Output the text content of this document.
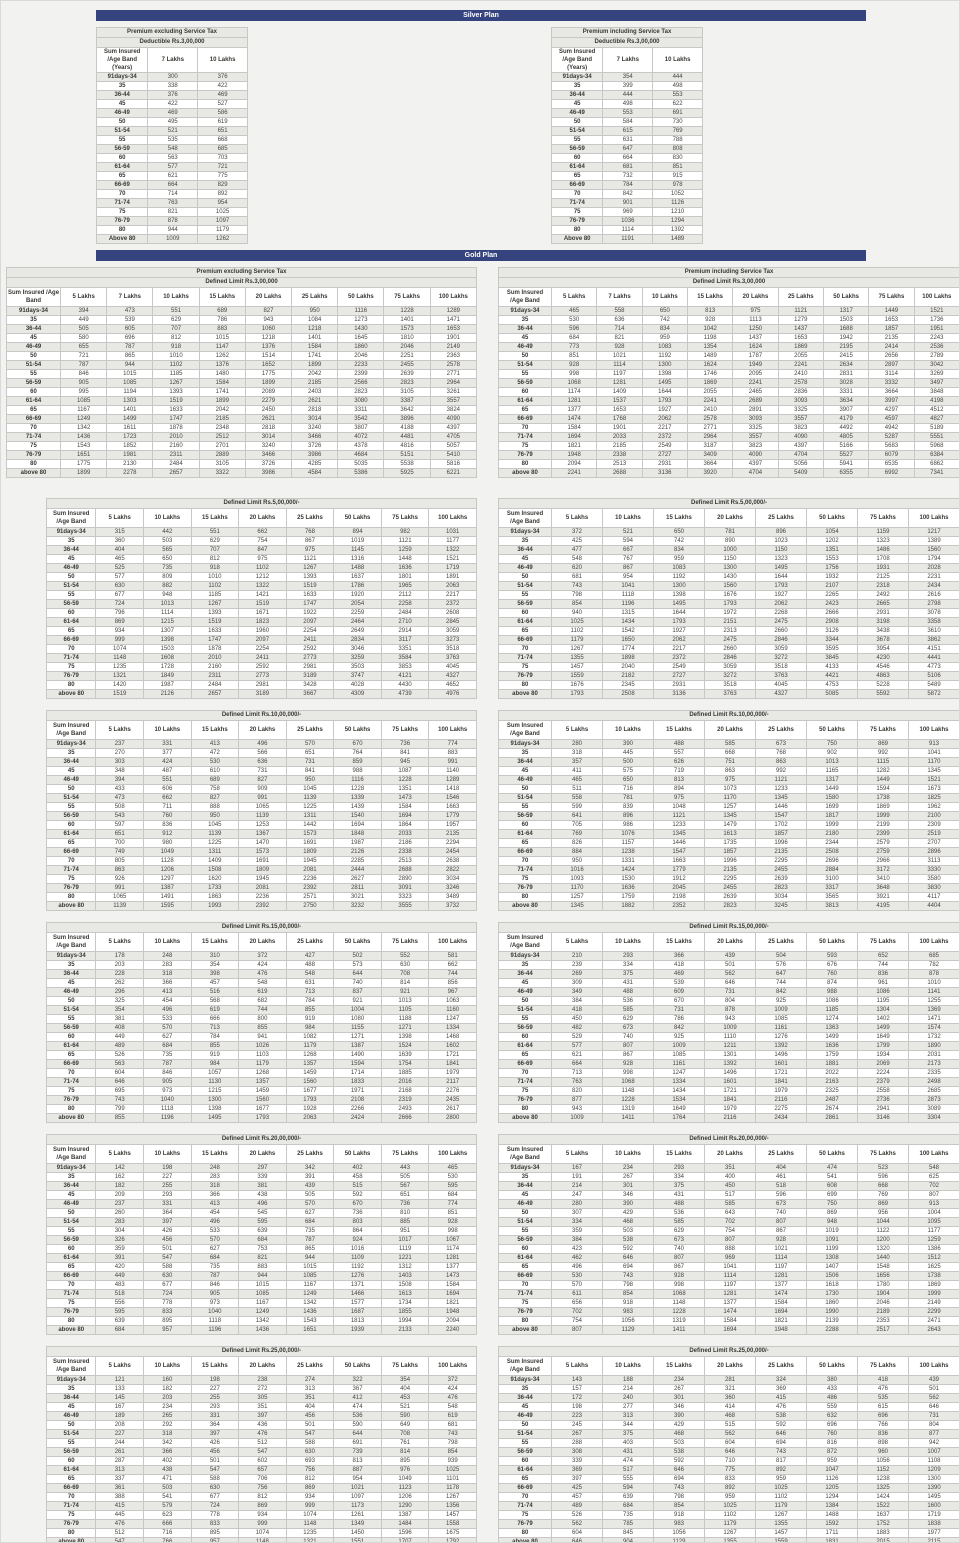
Silver Plan
Premium excluding Service Tax		
Deductible Rs.3,00,000		
Sum Insured /Age Band (Years)	7 Lakhs	10 Lakhs
91days-34	300	376
35	338	422
36-44	376	469
45	422	527
46-49	469	586
50	495	619
51-54	521	651
55	535	668
56-59	548	685
60	563	703
61-64	577	721
65	621	775
66-69	664	829
70	714	892
71-74	763	954
75	821	1025
76-79	878	1097
80	944	1179
Above 80	1009	1262
Premium including Service Tax		
Deductible Rs.3,00,000		
Sum Insured /Age Band (Years)	7 Lakhs	10 Lakhs
91days-34	354	444
35	399	498
36-44	444	553
45	498	622
46-49	553	691
50	584	730
51-54	615	769
55	631	788
56-59	647	808
60	664	830
61-64	681	851
65	732	915
66-69	784	978
70	842	1052
71-74	901	1126
75	969	1210
76-79	1036	1294
80	1114	1392
Above 80	1191	1489
Gold Plan
Premium excluding Service Tax									
Defined Limit Rs.3,00,000									
Sum Insured /Age Band	5 Lakhs	7 Lakhs	10 Lakhs	15 Lakhs	20 Lakhs	25 Lakhs	50 Lakhs	75 Lakhs	100 Lakhs
91days-34	394	473	551	689	827	950	1116	1228	1289
35	449	539	629	786	943	1084	1273	1401	1471
36-44	505	605	707	883	1060	1218	1430	1573	1653
45	580	696	812	1015	1218	1401	1645	1810	1901
46-49	655	787	918	1147	1376	1584	1860	2046	2149
50	721	865	1010	1262	1514	1741	2046	2251	2363
51-54	787	944	1102	1376	1652	1899	2233	2455	2578
55	846	1015	1185	1480	1775	2042	2399	2639	2771
56-59	905	1085	1267	1584	1899	2185	2566	2823	2964
60	995	1194	1393	1741	2089	2403	2823	3105	3261
61-64	1085	1303	1519	1899	2279	2621	3080	3387	3557
65	1167	1401	1633	2042	2450	2818	3311	3642	3824
66-69	1249	1499	1747	2185	2621	3014	3542	3896	4090
70	1342	1611	1878	2348	2818	3240	3807	4188	4397
71-74	1436	1723	2010	2512	3014	3466	4072	4481	4705
75	1543	1852	2160	2701	3240	3726	4378	4816	5057
76-79	1651	1981	2311	2889	3466	3986	4684	5151	5410
80	1775	2130	2484	3105	3726	4285	5035	5538	5816
above 80	1899	2278	2657	3322	3986	4584	5386	5925	6221
Premium including Service Tax									
Defined Limit Rs.3,00,000									
Sum Insured /Age Band	5 Lakhs	7 Lakhs	10 Lakhs	15 Lakhs	20 Lakhs	25 Lakhs	50 Lakhs	75 Lakhs	100 Lakhs
91days-34	465	558	650	813	975	1121	1317	1449	1521
35	530	636	742	928	1113	1279	1503	1653	1736
36-44	596	714	834	1042	1250	1437	1688	1857	1951
45	684	821	959	1198	1437	1653	1942	2135	2243
46-49	773	928	1083	1354	1624	1869	2195	2414	2536
50	851	1021	1192	1489	1787	2055	2415	2656	2789
51-54	928	1114	1300	1624	1949	2241	2634	2897	3042
55	998	1197	1398	1746	2095	2410	2831	3114	3269
56-59	1068	1281	1495	1869	2241	2578	3028	3332	3497
60	1174	1409	1644	2055	2465	2836	3331	3664	3848
61-64	1281	1537	1793	2241	2689	3093	3634	3997	4198
65	1377	1653	1927	2410	2891	3325	3907	4297	4512
66-69	1474	1768	2062	2578	3093	3557	4179	4597	4827
70	1584	1901	2217	2771	3325	3823	4492	4942	5189
71-74	1694	2033	2372	2964	3557	4090	4805	5287	5551
75	1821	2185	2549	3187	3823	4397	5166	5683	5968
76-79	1948	2338	2727	3409	4090	4704	5527	6079	6384
80	2094	2513	2931	3664	4397	5056	5941	6535	6862
above 80	2241	2688	3136	3920	4704	5409	6355	6992	7341
Defined Limit Rs.5,00,000/-								
Sum Insured /Age Band	5 Lakhs	10 Lakhs	15 Lakhs	20 Lakhs	25 Lakhs	50 Lakhs	75 Lakhs	100 Lakhs
91days-34	315	442	551	662	768	894	982	1031
35	360	503	629	754	867	1019	1121	1177
36-44	404	565	707	847	975	1145	1259	1322
45	465	650	812	975	1121	1316	1448	1521
46-49	525	735	918	1102	1267	1488	1636	1719
50	577	809	1010	1212	1393	1637	1801	1891
51-54	630	882	1102	1322	1519	1786	1965	2063
55	677	948	1185	1421	1633	1920	2112	2217
56-59	724	1013	1267	1519	1747	2054	2258	2372
60	796	1114	1393	1671	1922	2259	2484	2608
61-64	869	1215	1519	1823	2097	2464	2710	2845
65	934	1307	1633	1960	2254	2649	2914	3059
66-69	999	1398	1747	2097	2411	2834	3117	3273
70	1074	1503	1878	2254	2592	3046	3351	3518
71-74	1148	1608	2010	2411	2773	3259	3584	3763
75	1235	1728	2160	2592	2981	3503	3853	4045
76-79	1321	1849	2311	2773	3189	3747	4121	4327
80	1420	1987	2484	2981	3428	4028	4430	4652
above 80	1519	2126	2657	3189	3667	4309	4739	4976
Defined Limit Rs.5,00,000/-								
Sum Insured /Age Band	5 Lakhs	10 Lakhs	15 Lakhs	20 Lakhs	25 Lakhs	50 Lakhs	75 Lakhs	100 Lakhs
91days-34	372	521	650	781	896	1054	1159	1217
35	425	594	742	890	1023	1202	1323	1389
36-44	477	667	834	1000	1150	1351	1486	1560
45	548	767	959	1150	1323	1553	1708	1794
46-49	620	867	1083	1300	1495	1756	1931	2028
50	681	954	1192	1430	1644	1932	2125	2231
51-54	743	1041	1300	1560	1793	2107	2318	2434
55	798	1118	1398	1676	1927	2265	2492	2616
56-59	854	1196	1495	1793	2062	2423	2665	2798
60	940	1315	1644	1972	2268	2666	2931	3078
61-64	1025	1434	1793	2151	2475	2908	3198	3358
65	1102	1542	1927	2313	2660	3126	3438	3610
66-69	1179	1650	2062	2475	2846	3344	3678	3862
70	1267	1774	2217	2660	3059	3595	3954	4151
71-74	1355	1898	2372	2846	3272	3845	4230	4441
75	1457	2040	2549	3059	3518	4133	4546	4773
76-79	1559	2182	2727	3272	3763	4421	4863	5106
80	1676	2345	2931	3518	4045	4753	5228	5489
above 80	1793	2508	3136	3763	4327	5085	5592	5872
Defined Limit Rs.10,00,000/-								
Sum Insured /Age Band	5 Lakhs	10 Lakhs	15 Lakhs	20 Lakhs	25 Lakhs	50 Lakhs	75 Lakhs	100 Lakhs
91days-34	237	331	413	496	570	670	736	774
35	270	377	472	566	651	764	841	883
36-44	303	424	530	636	731	859	945	991
45	348	487	610	731	841	988	1087	1140
46-49	394	551	689	827	950	1116	1228	1289
50	433	606	758	909	1045	1228	1351	1418
51-54	473	662	827	991	1139	1339	1473	1546
55	508	711	888	1065	1225	1439	1584	1663
56-59	543	760	950	1139	1311	1540	1694	1779
60	597	836	1045	1253	1442	1694	1864	1957
61-64	651	912	1139	1367	1573	1848	2033	2135
65	700	980	1225	1470	1691	1987	2186	2294
66-69	749	1049	1311	1573	1809	2126	2338	2454
70	805	1128	1409	1691	1945	2285	2513	2638
71-74	863	1206	1508	1809	2081	2444	2688	2822
75	926	1297	1620	1945	2236	2627	2890	3034
76-79	991	1387	1733	2081	2392	2811	3091	3246
80	1065	1491	1863	2236	2571	3021	3323	3489
above 80	1139	1595	1993	2392	2750	3232	3555	3732
Defined Limit Rs.10,00,000/-								
Sum Insured /Age Band	5 Lakhs	10 Lakhs	15 Lakhs	20 Lakhs	25 Lakhs	50 Lakhs	75 Lakhs	100 Lakhs
91days-34	280	390	488	585	673	750	869	913
35	318	445	557	668	768	902	992	1041
36-44	357	500	626	751	863	1013	1115	1170
45	411	575	719	863	992	1165	1282	1345
46-49	465	650	813	975	1121	1317	1449	1521
50	511	716	894	1073	1233	1449	1594	1673
51-54	558	781	975	1170	1345	1580	1738	1825
55	599	839	1048	1257	1446	1699	1869	1962
56-59	641	896	1121	1345	1547	1817	1999	2100
60	705	986	1233	1479	1702	1999	2199	2309
61-64	769	1076	1345	1613	1857	2180	2399	2519
65	826	1157	1446	1735	1996	2344	2579	2707
66-69	884	1238	1547	1857	2135	2508	2759	2896
70	950	1331	1663	1996	2295	2696	2966	3113
71-74	1016	1424	1779	2135	2455	2884	3172	3330
75	1093	1530	1912	2295	2639	3100	3410	3580
76-79	1170	1636	2045	2455	2823	3317	3648	3830
80	1257	1759	2198	2639	3034	3565	3921	4117
above 80	1345	1882	2352	2823	3245	3813	4195	4404
Defined Limit Rs.15,00,000/-								
Sum Insured /Age Band	5 Lakhs	10 Lakhs	15 Lakhs	20 Lakhs	25 Lakhs	50 Lakhs	75 Lakhs	100 Lakhs
91days-34	178	248	310	372	427	502	552	581
35	203	283	354	424	488	573	630	662
36-44	228	318	398	476	548	644	708	744
45	262	366	457	548	631	740	814	856
46-49	296	413	516	619	713	837	921	967
50	325	454	568	682	784	921	1013	1063
51-54	354	496	619	744	855	1004	1105	1160
55	381	533	666	800	919	1080	1188	1247
56-59	408	570	713	855	984	1155	1271	1334
60	449	627	784	941	1082	1271	1398	1468
61-64	489	684	855	1026	1179	1387	1524	1602
65	526	735	919	1103	1268	1490	1639	1721
66-69	563	787	984	1179	1357	1594	1754	1841
70	604	846	1057	1268	1459	1714	1885	1979
71-74	646	905	1130	1357	1560	1833	2016	2117
75	695	973	1215	1459	1677	1971	2168	2276
76-79	743	1040	1300	1560	1793	2108	2319	2435
80	799	1118	1398	1677	1928	2266	2493	2617
above 80	855	1196	1495	1793	2063	2424	2666	2800
Defined Limit Rs.15,00,000/-								
Sum Insured /Age Band	5 Lakhs	10 Lakhs	15 Lakhs	20 Lakhs	25 Lakhs	50 Lakhs	75 Lakhs	100 Lakhs
91days-34	210	293	366	439	504	593	652	685
35	239	334	418	501	576	676	744	782
36-44	269	375	469	562	647	760	836	878
45	309	431	539	646	744	874	961	1010
46-49	349	488	609	731	842	988	1086	1141
50	384	536	670	804	925	1086	1195	1255
51-54	418	585	731	878	1009	1185	1304	1369
55	450	629	786	943	1085	1274	1402	1471
56-59	482	673	842	1009	1161	1363	1499	1574
60	529	740	925	1110	1276	1499	1649	1732
61-64	577	807	1009	1211	1392	1636	1799	1890
65	621	867	1085	1301	1496	1759	1934	2031
66-69	664	928	1161	1392	1601	1881	2069	2173
70	713	998	1247	1496	1721	2022	2224	2335
71-74	763	1068	1334	1601	1841	2163	2379	2498
75	820	1148	1434	1721	1979	2325	2558	2685
76-79	877	1228	1534	1841	2116	2487	2736	2873
80	943	1319	1649	1979	2275	2674	2941	3089
above 80	1009	1411	1764	2116	2434	2861	3146	3304
Defined Limit Rs.20,00,000/-								
Sum Insured /Age Band	5 Lakhs	10 Lakhs	15 Lakhs	20 Lakhs	25 Lakhs	50 Lakhs	75 Lakhs	100 Lakhs
91days-34	142	198	248	297	342	402	443	465
35	162	227	283	339	391	458	505	530
36-44	182	255	318	381	439	515	567	595
45	209	293	366	438	505	592	651	684
46-49	237	331	413	496	570	670	736	774
50	260	364	454	545	627	736	810	851
51-54	283	397	496	595	684	803	885	928
55	304	426	533	639	735	864	951	998
56-59	326	456	570	684	787	924	1017	1067
60	359	501	627	753	865	1016	1119	1174
61-64	391	547	684	821	944	1109	1221	1281
65	420	588	735	883	1015	1192	1312	1377
66-69	449	630	787	944	1085	1276	1403	1473
70	483	677	846	1015	1167	1371	1508	1584
71-74	518	724	905	1085	1249	1466	1613	1694
75	556	778	973	1167	1342	1577	1734	1821
76-79	595	833	1040	1249	1436	1687	1855	1948
80	639	895	1118	1342	1543	1813	1994	2094
above 80	684	957	1196	1436	1651	1939	2133	2240
Defined Limit Rs.20,00,000/-								
Sum Insured /Age Band	5 Lakhs	10 Lakhs	15 Lakhs	20 Lakhs	25 Lakhs	50 Lakhs	75 Lakhs	100 Lakhs
91days-34	167	234	293	351	404	474	523	548
35	191	267	334	400	461	541	596	625
36-44	214	301	375	450	518	608	668	702
45	247	346	431	517	596	699	769	807
46-49	280	390	488	585	673	750	869	913
50	307	429	536	643	740	869	956	1004
51-54	334	468	585	702	807	948	1044	1095
55	359	503	629	754	867	1019	1122	1177
56-59	384	538	673	807	928	1091	1200	1259
60	423	592	740	888	1021	1199	1320	1386
61-64	462	646	807	969	1114	1308	1440	1512
65	496	694	867	1041	1197	1407	1548	1625
66-69	530	743	928	1114	1281	1506	1656	1738
70	570	798	998	1197	1377	1618	1780	1869
71-74	611	854	1068	1281	1474	1730	1904	1999
75	656	918	1148	1377	1584	1860	2046	2149
76-79	702	983	1228	1474	1694	1990	2189	2299
80	754	1056	1319	1584	1821	2139	2353	2471
above 80	807	1129	1411	1694	1948	2288	2517	2643
Defined Limit Rs.25,00,000/-								
Sum Insured /Age Band	5 Lakhs	10 Lakhs	15 Lakhs	20 Lakhs	25 Lakhs	50 Lakhs	75 Lakhs	100 Lakhs
91days-34	121	160	198	238	274	322	354	372
35	133	182	227	272	313	367	404	424
36-44	145	203	255	305	351	412	453	476
45	167	234	293	351	404	474	521	548
46-49	189	265	331	397	456	536	590	619
50	208	292	364	436	501	590	649	681
51-54	227	318	397	476	547	644	708	743
55	244	342	426	512	588	691	761	798
56-59	261	366	456	547	630	739	814	854
60	287	402	501	602	693	813	895	939
61-64	313	438	547	657	756	887	976	1025
65	337	471	588	706	812	954	1049	1101
66-69	361	503	630	756	869	1021	1123	1178
70	388	541	677	812	934	1097	1206	1267
71-74	415	579	724	869	999	1173	1290	1356
75	445	623	778	934	1074	1261	1387	1457
76-79	476	666	833	999	1148	1349	1484	1558
80	512	716	895	1074	1235	1450	1596	1675
above 80	547	766	957	1148	1321	1551	1707	1792
Defined Limit Rs.25,00,000/-								
Sum Insured /Age Band	5 Lakhs	10 Lakhs	15 Lakhs	20 Lakhs	25 Lakhs	50 Lakhs	75 Lakhs	100 Lakhs
91days-34	143	188	234	281	324	380	418	439
35	157	214	267	321	369	433	476	501
36-44	172	240	301	360	415	486	535	562
45	198	277	346	414	476	559	615	646
46-49	223	313	390	468	538	632	696	731
50	245	344	429	515	592	696	766	804
51-54	267	375	468	562	646	760	836	877
55	288	403	503	604	694	816	898	942
56-59	308	431	538	646	743	872	960	1007
60	339	474	592	710	817	959	1056	1108
61-64	369	517	646	775	892	1047	1152	1209
65	397	555	694	833	959	1126	1238	1300
66-69	425	594	743	892	1025	1205	1325	1390
70	457	639	798	959	1102	1294	1424	1495
71-74	489	684	854	1025	1179	1384	1522	1600
75	526	735	918	1102	1267	1488	1637	1719
76-79	562	785	983	1179	1355	1592	1752	1838
80	604	845	1056	1267	1457	1711	1883	1977
above 80	646	904	1129	1355	1559	1831	2015	2115
